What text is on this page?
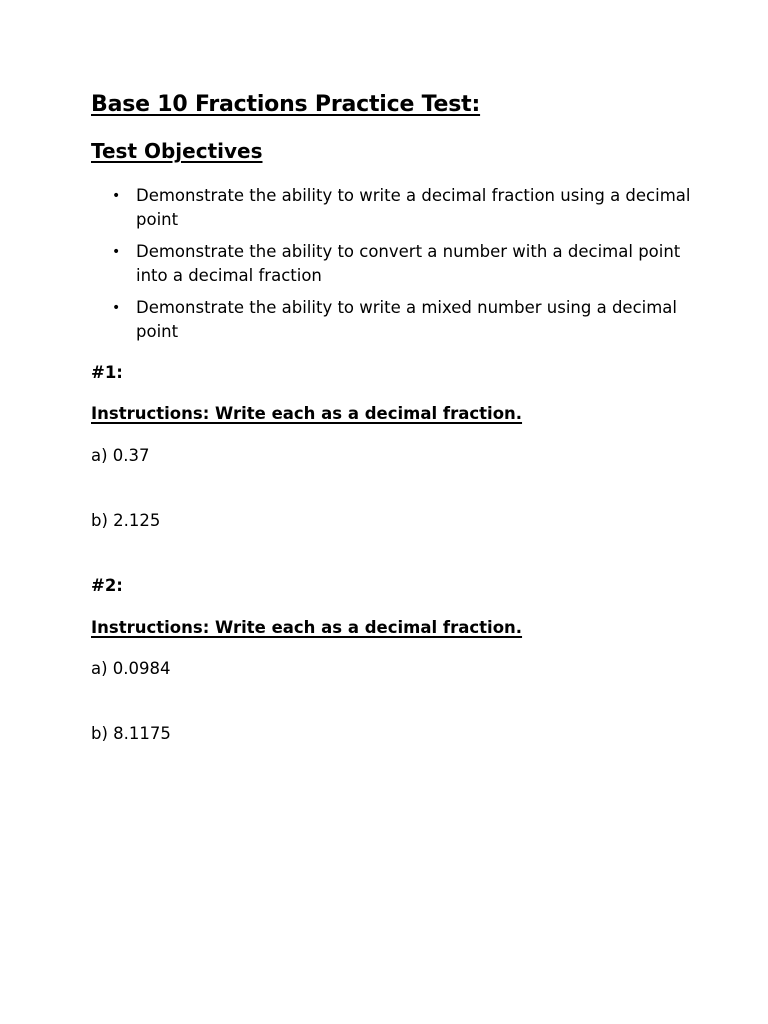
Base 10 Fractions Practice Test:
Test Objectives
• Demonstrate the ability to write a decimal fraction using a decimal point
• Demonstrate the ability to convert a number with a decimal point into a decimal fraction
• Demonstrate the ability to write a mixed number using a decimal point

#1:

Instructions: Write each as a decimal fraction.

a) 0.37

b) 2.125

#2:

Instructions: Write each as a decimal fraction.

a) 0.0984

b) 8.1175
